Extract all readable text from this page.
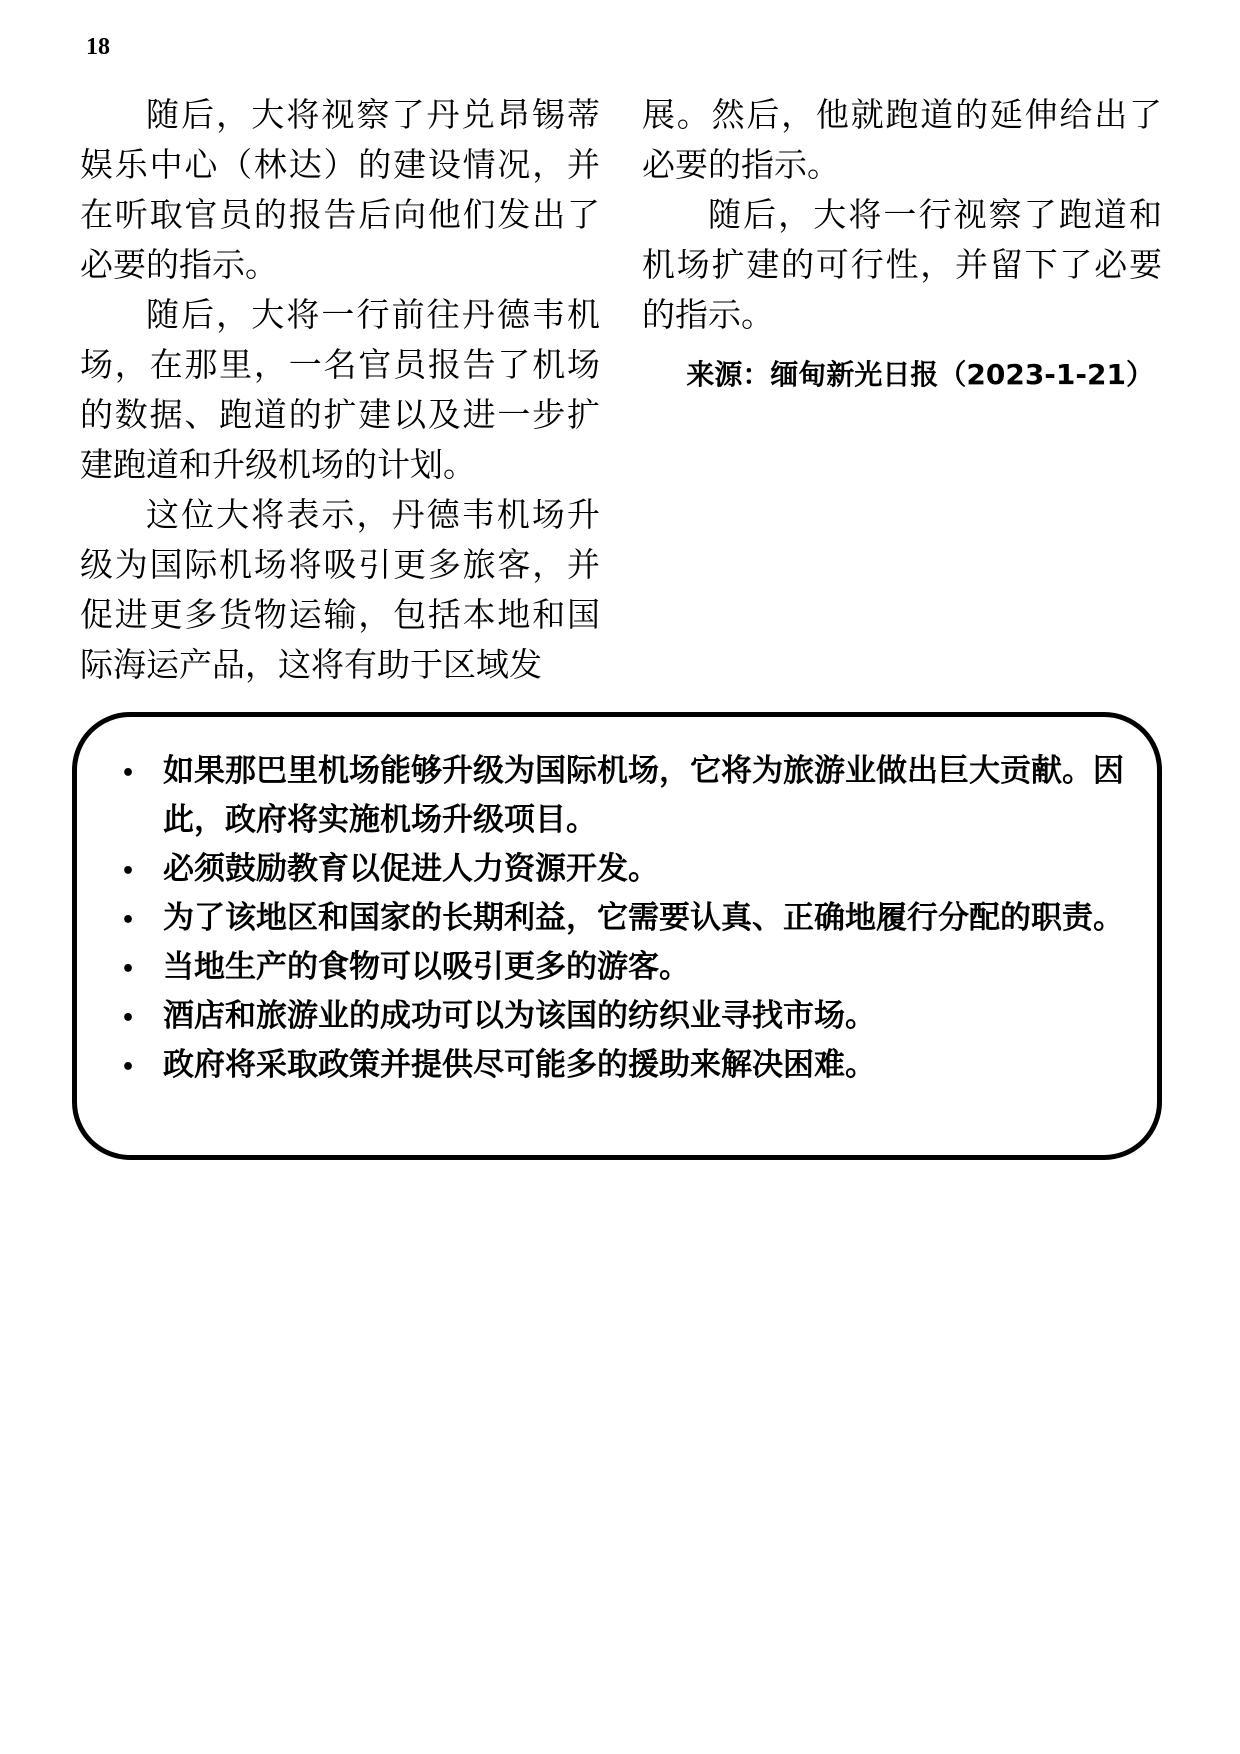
18

随后，大将视察了丹兑昂锡蒂娱乐中心（林达）的建设情况，并在听取官员的报告后向他们发出了必要的指示。

随后，大将一行前往丹德韦机场，在那里，一名官员报告了机场的数据、跑道的扩建以及进一步扩建跑道和升级机场的计划。

这位大将表示，丹德韦机场升级为国际机场将吸引更多旅客，并促进更多货物运输，包括本地和国际海运产品，这将有助于区域发

展。然后，他就跑道的延伸给出了必要的指示。

随后，大将一行视察了跑道和机场扩建的可行性，并留下了必要的指示。

来源：缅甸新光日报（2023-1-21）

• 如果那巴里机场能够升级为国际机场，它将为旅游业做出巨大贡献。因此，政府将实施机场升级项目。
• 必须鼓励教育以促进人力资源开发。
• 为了该地区和国家的长期利益，它需要认真、正确地履行分配的职责。
• 当地生产的食物可以吸引更多的游客。
• 酒店和旅游业的成功可以为该国的纺织业寻找市场。
• 政府将采取政策并提供尽可能多的援助来解决困难。
